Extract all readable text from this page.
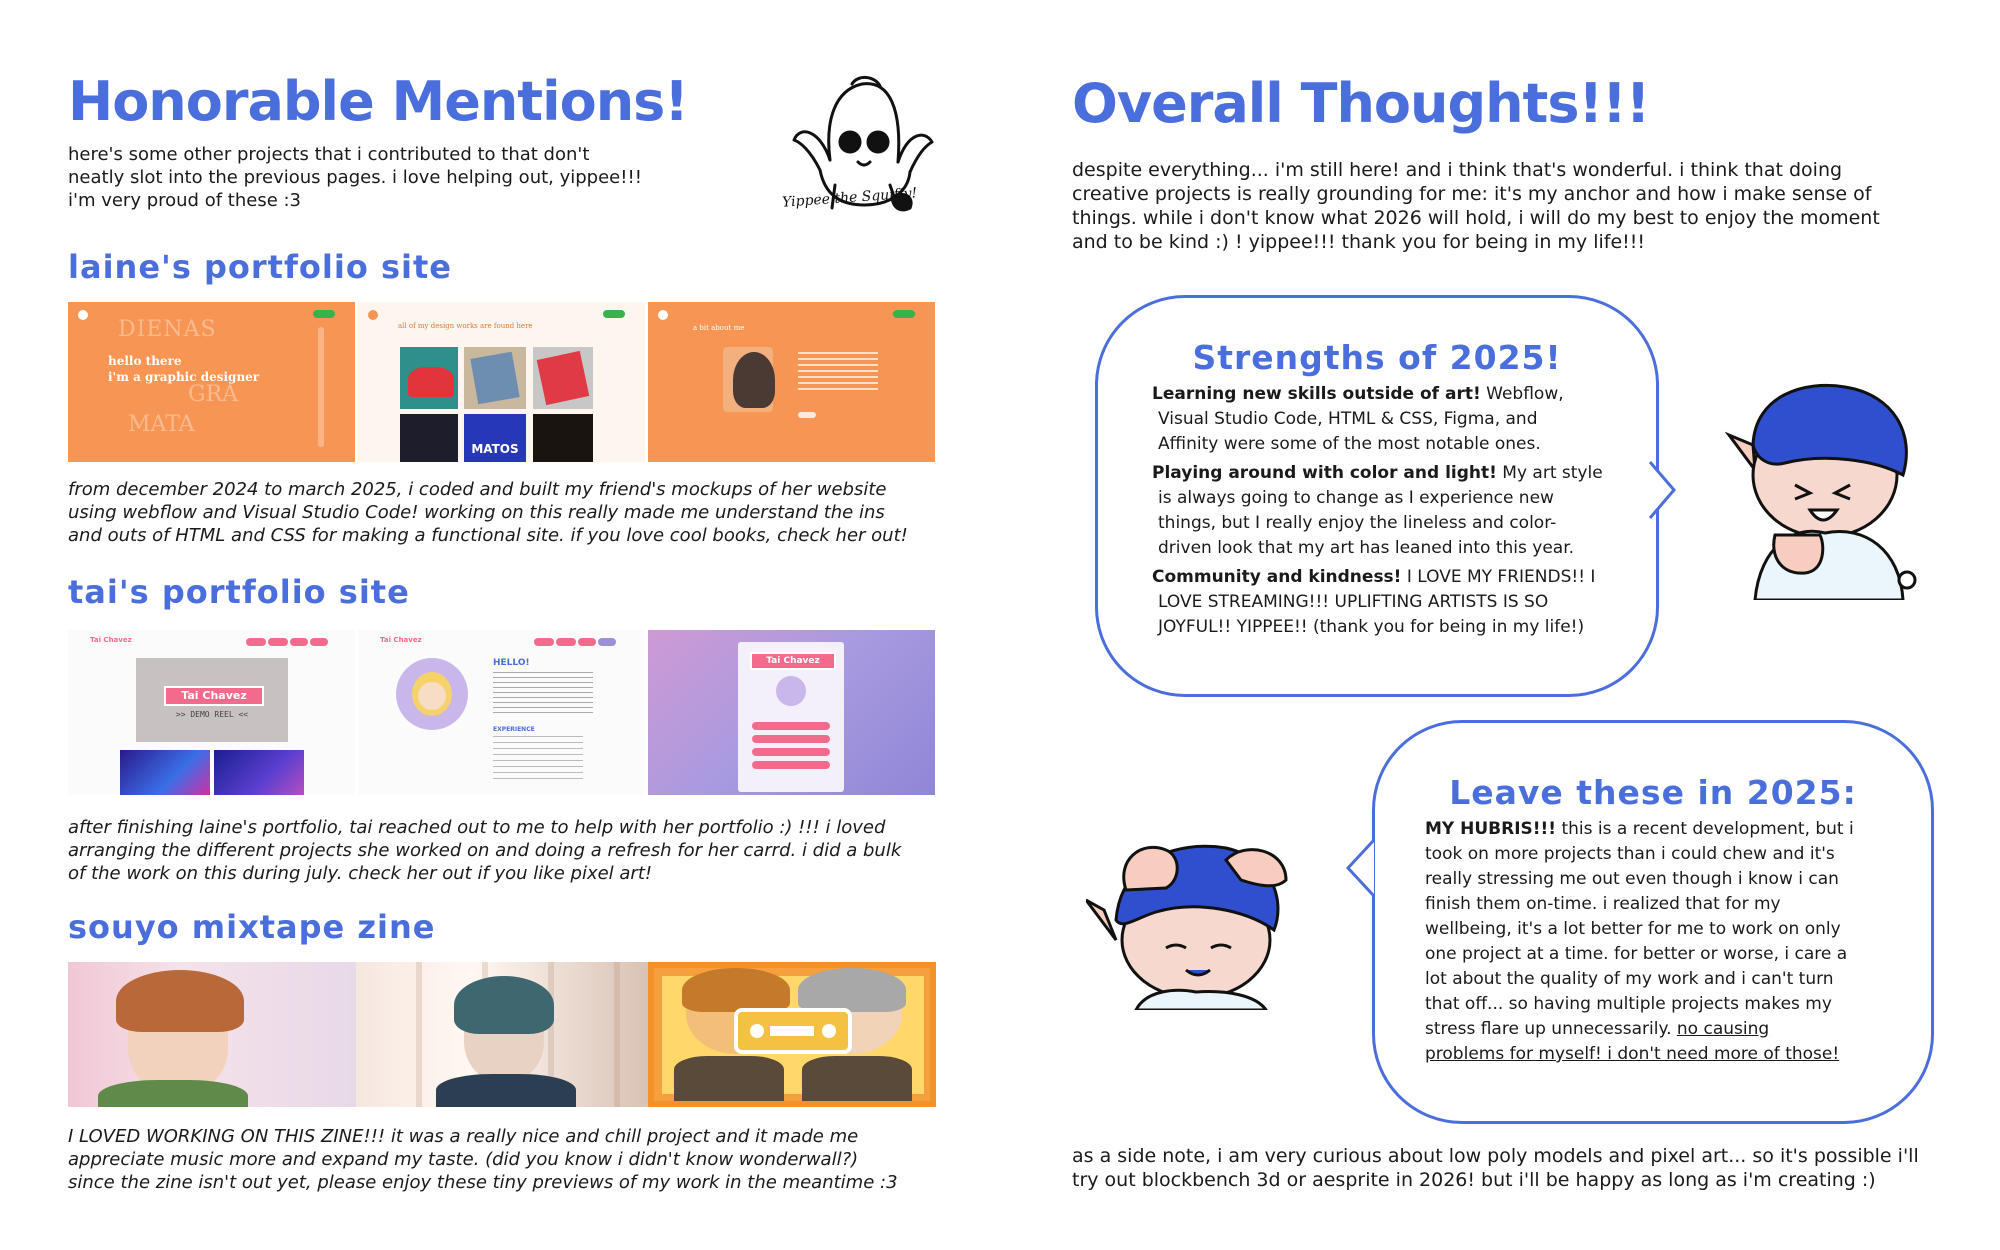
Honorable Mentions!
here's some other projects that i contributed to that don't
neatly slot into the previous pages. i love helping out, yippee!!!
i'm very proud of these :3	Yippee the Squiffy!
laine's portfolio site
DIENAS
hello there
i'm a graphic designer
GRA
MATA
all of my design works are found here
MATOS
a bit about me
from december 2024 to march 2025, i coded and built my friend's mockups of her website
using webflow and Visual Studio Code! working on this really made me understand the ins
and outs of HTML and CSS for making a functional site. if you love cool books, check her out!
tai's portfolio site
Tai Chavez
Tai Chavez
>> DEMO REEL <<
Tai Chavez
HELLO!
EXPERIENCE
Tai Chavez
after finishing laine's portfolio, tai reached out to me to help with her portfolio :) !!! i loved
arranging the different projects she worked on and doing a refresh for her carrd. i did a bulk
of the work on this during july. check her out if you like pixel art!
souyo mixtape zine
I LOVED WORKING ON THIS ZINE!!! it was a really nice and chill project and it made me
appreciate music more and expand my taste. (did you know i didn't know wonderwall?)
since the zine isn't out yet, please enjoy these tiny previews of my work in the meantime :3
Overall Thoughts!!!
despite everything... i'm still here! and i think that's wonderful. i think that doing
creative projects is really grounding for me: it's my anchor and how i make sense of
things. while i don't know what 2026 will hold, i will do my best to enjoy the moment
and to be kind :) ! yippee!!! thank you for being in my life!!!
Strengths of 2025!
Learning new skills outside of art! Webflow,
Visual Studio Code, HTML & CSS, Figma, and
Affinity were some of the most notable ones.
Playing around with color and light! My art style
is always going to change as I experience new
things, but I really enjoy the lineless and color-
driven look that my art has leaned into this year.
Community and kindness! I LOVE MY FRIENDS!! I
LOVE STREAMING!!! UPLIFTING ARTISTS IS SO
JOYFUL!! YIPPEE!! (thank you for being in my life!)
Leave these in 2025:
MY HUBRIS!!! this is a recent development, but i
took on more projects than i could chew and it's
really stressing me out even though i know i can
finish them on-time. i realized that for my
wellbeing, it's a lot better for me to work on only
one project at a time. for better or worse, i care a
lot about the quality of my work and i can't turn
that off... so having multiple projects makes my
stress flare up unnecessarily. no causing
problems for myself! i don't need more of those!
as a side note, i am very curious about low poly models and pixel art... so it's possible i'll
try out blockbench 3d or aesprite in 2026! but i'll be happy as long as i'm creating :)
